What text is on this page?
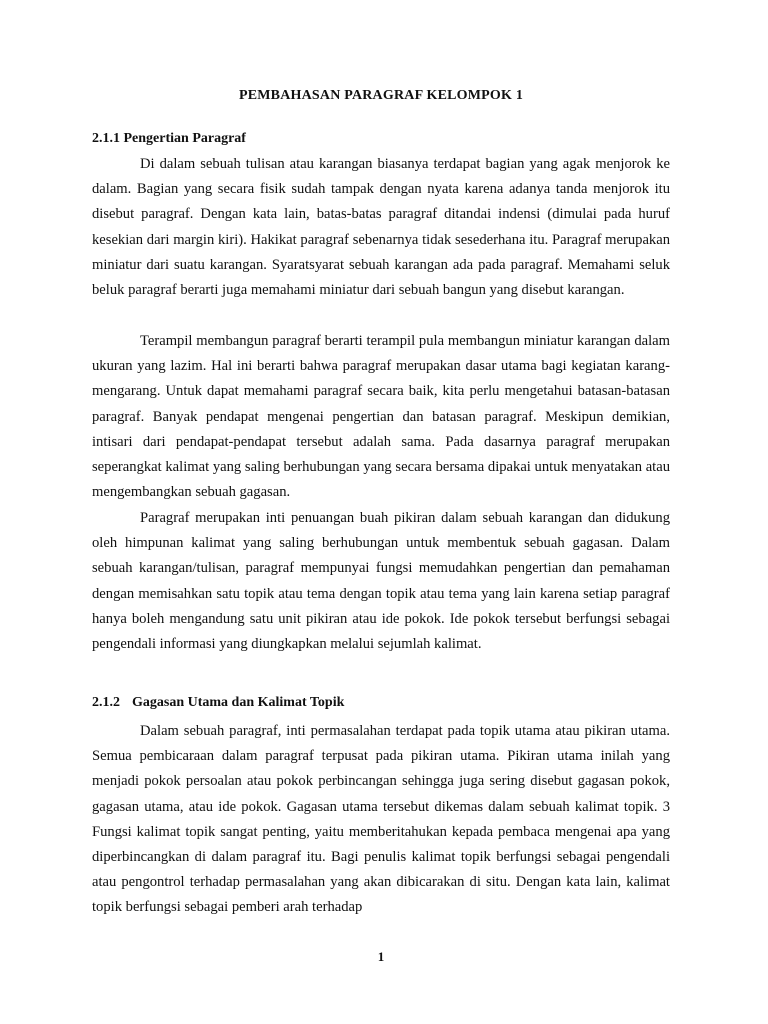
PEMBAHASAN PARAGRAF KELOMPOK 1
2.1.1 Pengertian Paragraf

Di dalam sebuah tulisan atau karangan biasanya terdapat bagian yang agak menjorok ke dalam. Bagian yang secara fisik sudah tampak dengan nyata karena adanya tanda menjorok itu disebut paragraf. Dengan kata lain, batas-batas paragraf ditandai indensi (dimulai pada huruf kesekian dari margin kiri). Hakikat paragraf sebenarnya tidak sesederhana itu. Paragraf merupakan miniatur dari suatu karangan. Syaratsyarat sebuah karangan ada pada paragraf. Memahami seluk beluk paragraf berarti juga memahami miniatur dari sebuah bangun yang disebut karangan.

Terampil membangun paragraf berarti terampil pula membangun miniatur karangan dalam ukuran yang lazim. Hal ini berarti bahwa paragraf merupakan dasar utama bagi kegiatan karang-mengarang. Untuk dapat memahami paragraf secara baik, kita perlu mengetahui batasan-batasan paragraf. Banyak pendapat mengenai pengertian dan batasan paragraf. Meskipun demikian, intisari dari pendapat-pendapat tersebut adalah sama. Pada dasarnya paragraf merupakan seperangkat kalimat yang saling berhubungan yang secara bersama dipakai untuk menyatakan atau mengembangkan sebuah gagasan.

Paragraf merupakan inti penuangan buah pikiran dalam sebuah karangan dan didukung oleh himpunan kalimat yang saling berhubungan untuk membentuk sebuah gagasan. Dalam sebuah karangan/tulisan, paragraf mempunyai fungsi memudahkan pengertian dan pemahaman dengan memisahkan satu topik atau tema dengan topik atau tema yang lain karena setiap paragraf hanya boleh mengandung satu unit pikiran atau ide pokok. Ide pokok tersebut berfungsi sebagai pengendali informasi yang diungkapkan melalui sejumlah kalimat.

2.1.2 Gagasan Utama dan Kalimat Topik

Dalam sebuah paragraf, inti permasalahan terdapat pada topik utama atau pikiran utama. Semua pembicaraan dalam paragraf terpusat pada pikiran utama. Pikiran utama inilah yang menjadi pokok persoalan atau pokok perbincangan sehingga juga sering disebut gagasan pokok, gagasan utama, atau ide pokok. Gagasan utama tersebut dikemas dalam sebuah kalimat topik. 3 Fungsi kalimat topik sangat penting, yaitu memberitahukan kepada pembaca mengenai apa yang diperbincangkan di dalam paragraf itu. Bagi penulis kalimat topik berfungsi sebagai pengendali atau pengontrol terhadap permasalahan yang akan dibicarakan di situ. Dengan kata lain, kalimat topik berfungsi sebagai pemberi arah terhadap

1
